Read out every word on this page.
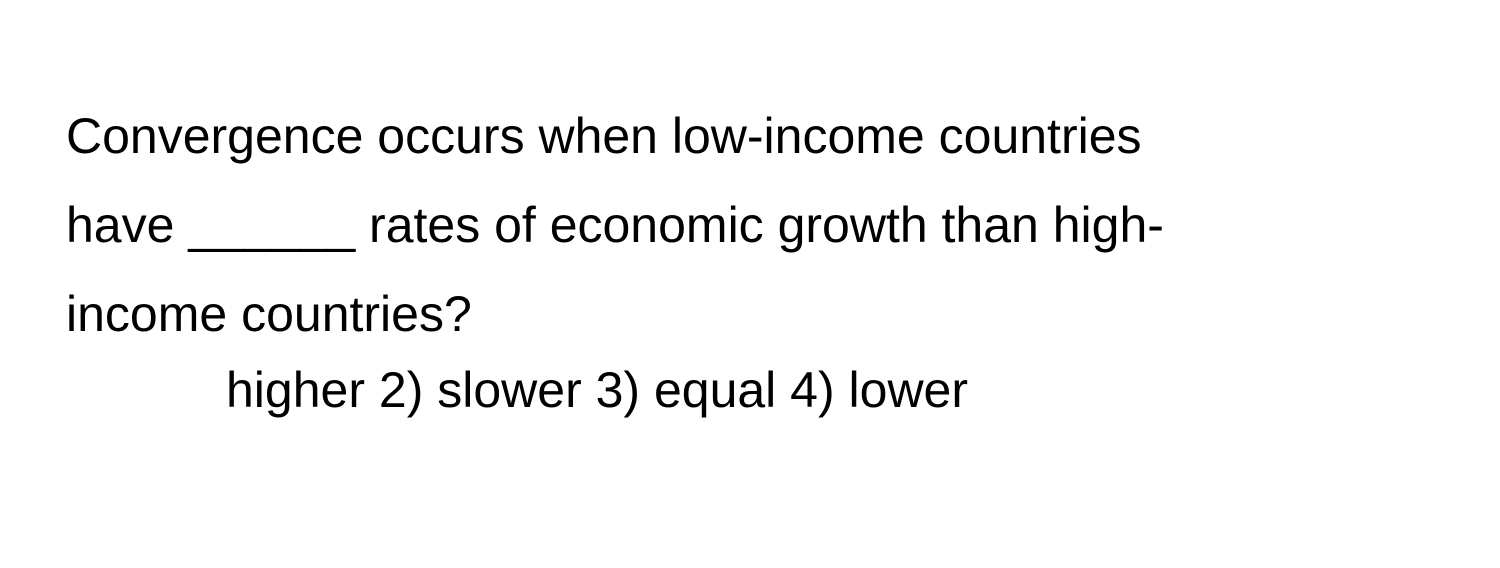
Convergence occurs when low-income countries
have ______ rates of economic growth than high-
income countries?
higher 2) slower 3) equal 4) lower
